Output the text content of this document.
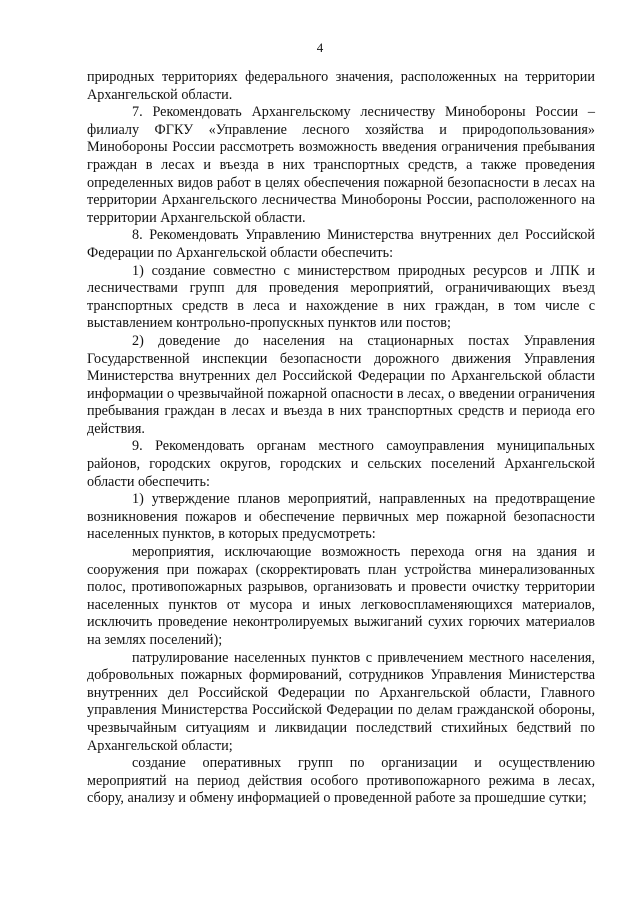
4

природных территориях федерального значения, расположенных на территории Архангельской области.

7. Рекомендовать Архангельскому лесничеству Минобороны России – филиалу ФГКУ «Управление лесного хозяйства и природопользования» Минобороны России рассмотреть возможность введения ограничения пребывания граждан в лесах и въезда в них транспортных средств, а также проведения определенных видов работ в целях обеспечения пожарной безопасности в лесах на территории Архангельского лесничества Минобороны России, расположенного на территории Архангельской области.

8. Рекомендовать Управлению Министерства внутренних дел Российской Федерации по Архангельской области обеспечить:

1) создание совместно с министерством природных ресурсов и ЛПК и лесничествами групп для проведения мероприятий, ограничивающих въезд транспортных средств в леса и нахождение в них граждан, в том числе с выставлением контрольно-пропускных пунктов или постов;

2) доведение до населения на стационарных постах Управления Государственной инспекции безопасности дорожного движения Управления Министерства внутренних дел Российской Федерации по Архангельской области информации о чрезвычайной пожарной опасности в лесах, о введении ограничения пребывания граждан в лесах и въезда в них транспортных средств и периода его действия.

9. Рекомендовать органам местного самоуправления муниципальных районов, городских округов, городских и сельских поселений Архангельской области обеспечить:

1) утверждение планов мероприятий, направленных на предотвращение возникновения пожаров и обеспечение первичных мер пожарной безопасности населенных пунктов, в которых предусмотреть:

мероприятия, исключающие возможность перехода огня на здания и сооружения при пожарах (скорректировать план устройства минерализованных полос, противопожарных разрывов, организовать и провести очистку территории населенных пунктов от мусора и иных легковоспламеняющихся материалов, исключить проведение неконтролируемых выжиганий сухих горючих материалов на землях поселений);

патрулирование населенных пунктов с привлечением местного населения, добровольных пожарных формирований, сотрудников Управления Министерства внутренних дел Российской Федерации по Архангельской области, Главного управления Министерства Российской Федерации по делам гражданской обороны, чрезвычайным ситуациям и ликвидации последствий стихийных бедствий по Архангельской области;

создание оперативных групп по организации и осуществлению мероприятий на период действия особого противопожарного режима в лесах, сбору, анализу и обмену информацией о проведенной работе за прошедшие сутки;
